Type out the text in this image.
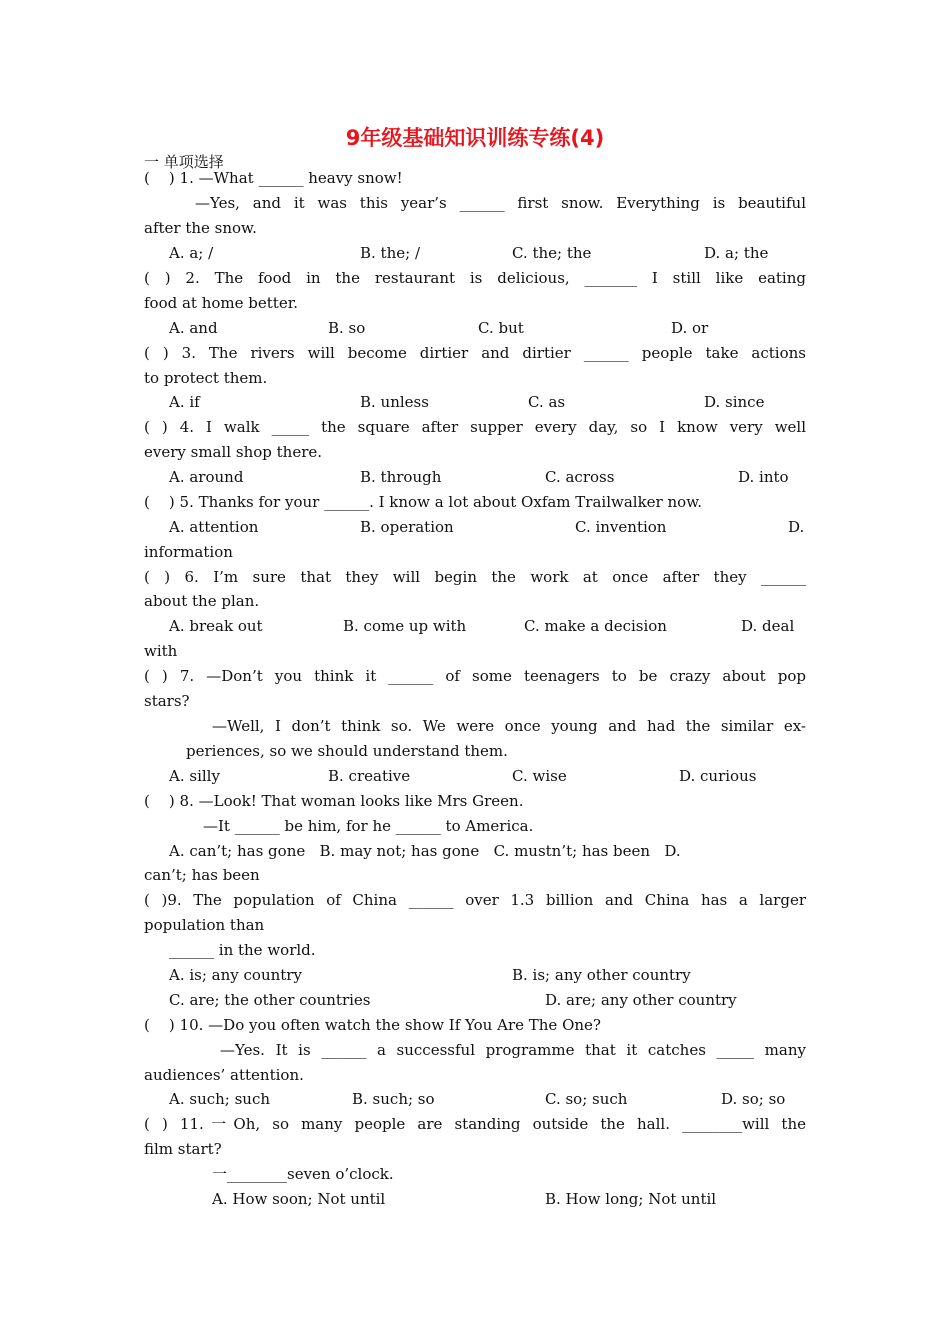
9年级基础知识训练专练(4)
一 单项选择
(    ) 1. —What ______ heavy snow!
—Yes, and it was this year’s ______ first snow. Everything is beautiful
after the snow.
A. a; /	B. the; /	C. the; the	D. a; the
( ) 2. The food in the restaurant is delicious, _______ I still like eating
food at home better.
A. and	B. so	C. but	D. or
( ) 3. The rivers will become dirtier and dirtier ______ people take actions
to protect them.
A. if	B. unless	C. as	D. since
( ) 4. I walk _____ the square after supper every day, so I know very well
every small shop there.
A. around	B. through	C. across	D. into
(    ) 5. Thanks for your ______. I know a lot about Oxfam Trailwalker now.
A. attention	B. operation	C. invention	D.
information
( ) 6. I’m sure that they will begin the work at once after they ______
about the plan.
A. break out	B. come up with	C. make a decision	D. deal
with
( ) 7. —Don’t you think it ______ of some teenagers to be crazy about pop
stars?
—Well, I don’t think so. We were once young and had the similar ex-
periences, so we should understand them.
A. silly	B. creative	C. wise	D. curious
(    ) 8. —Look! That woman looks like Mrs Green.
—It ______ be him, for he ______ to America.
A. can’t; has gone   B. may not; has gone   C. mustn’t; has been   D.
can’t; has been
( )9. The population of China ______ over 1.3 billion and China has a larger
population than
______ in the world.
A. is; any country	B. is; any other country
C. are; the other countries	D. are; any other country
(    ) 10. —Do you often watch the show If You Are The One?
—Yes. It is ______ a successful programme that it catches _____ many
audiences’ attention.
A. such; such	B. such; so	C. so; such	D. so; so
( ) 11.一Oh, so many people are standing outside the hall. ________will the
film start?
一________seven o’clock.
A. How soon; Not until	B. How long; Not until
